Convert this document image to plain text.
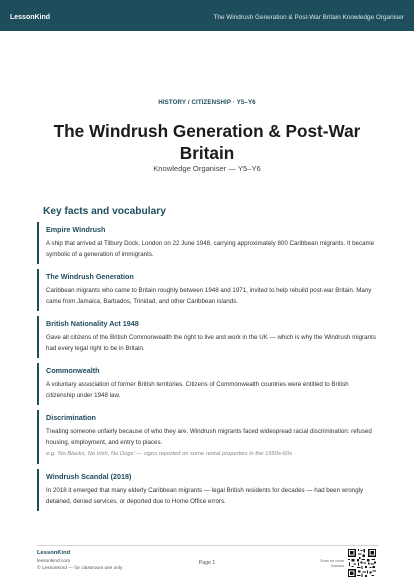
LessonKind	The Windrush Generation & Post-War Britain Knowledge Organiser
HISTORY / CITIZENSHIP · Y5–Y6
The Windrush Generation & Post-War Britain
Knowledge Organiser — Y5–Y6
Key facts and vocabulary
Empire Windrush
A ship that arrived at Tilbury Dock, London on 22 June 1948, carrying approximately 800 Caribbean migrants. It became symbolic of a generation of immigrants.
The Windrush Generation
Caribbean migrants who came to Britain roughly between 1948 and 1971, invited to help rebuild post-war Britain. Many came from Jamaica, Barbados, Trinidad, and other Caribbean islands.
British Nationality Act 1948
Gave all citizens of the British Commonwealth the right to live and work in the UK — which is why the Windrush migrants had every legal right to be in Britain.
Commonwealth
A voluntary association of former British territories. Citizens of Commonwealth countries were entitled to British citizenship under 1948 law.
Discrimination
Treating someone unfairly because of who they are. Windrush migrants faced widespread racial discrimination: refused housing, employment, and entry to places.
e.g. 'No Blacks, No Irish, No Dogs' — signs reported on some rental properties in the 1950s-60s
Windrush Scandal (2018)
In 2018 it emerged that many elderly Caribbean migrants — legal British residents for decades — had been wrongly detained, denied services, or deported due to Home Office errors.
LessonKind
lessonkind.com
© LessonKind — for classroom use only
Page 1	Scan for more lessons
